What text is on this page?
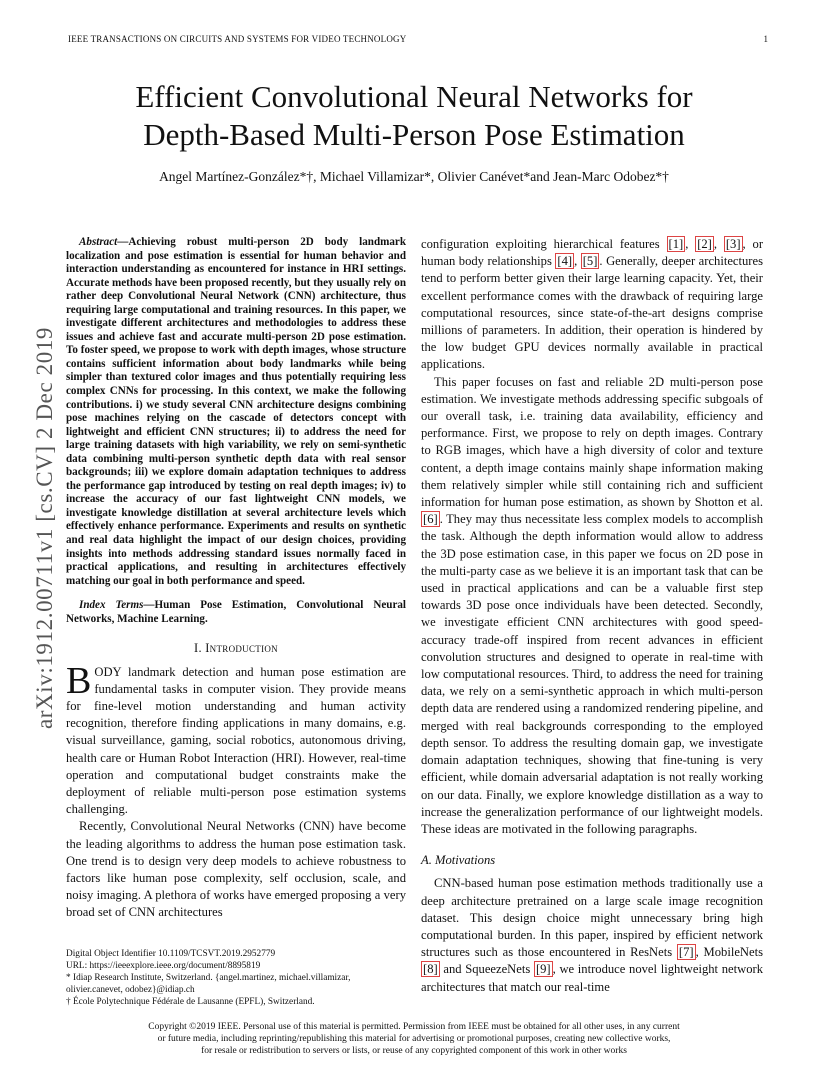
IEEE TRANSACTIONS ON CIRCUITS AND SYSTEMS FOR VIDEO TECHNOLOGY	1
arXiv:1912.00711v1 [cs.CV] 2 Dec 2019
Efficient Convolutional Neural Networks for
Depth-Based Multi-Person Pose Estimation
Angel Martínez-González*†, Michael Villamizar*, Olivier Canévet*and Jean-Marc Odobez*†

Abstract—Achieving robust multi-person 2D body landmark localization and pose estimation is essential for human behavior and interaction understanding as encountered for instance in HRI settings. Accurate methods have been proposed recently, but they usually rely on rather deep Convolutional Neural Network (CNN) architecture, thus requiring large computational and training resources. In this paper, we investigate different architectures and methodologies to address these issues and achieve fast and accurate multi-person 2D pose estimation. To foster speed, we propose to work with depth images, whose structure contains sufficient information about body landmarks while being simpler than textured color images and thus potentially requiring less complex CNNs for processing. In this context, we make the following contributions. i) we study several CNN architecture designs combining pose machines relying on the cascade of detectors concept with lightweight and efficient CNN structures; ii) to address the need for large training datasets with high variability, we rely on semi-synthetic data combining multi-person synthetic depth data with real sensor backgrounds; iii) we explore domain adaptation techniques to address the performance gap introduced by testing on real depth images; iv) to increase the accuracy of our fast lightweight CNN models, we investigate knowledge distillation at several architecture levels which effectively enhance performance. Experiments and results on synthetic and real data highlight the impact of our design choices, providing insights into methods addressing standard issues normally faced in practical applications, and resulting in architectures effectively matching our goal in both performance and speed.

Index Terms—Human Pose Estimation, Convolutional Neural Networks, Machine Learning.

I. Introduction

BODY landmark detection and human pose estimation are fundamental tasks in computer vision. They provide means for fine-level motion understanding and human activity recognition, therefore finding applications in many domains, e.g. visual surveillance, gaming, social robotics, autonomous driving, health care or Human Robot Interaction (HRI). However, real-time operation and computational budget constraints make the deployment of reliable multi-person pose estimation systems challenging.

Recently, Convolutional Neural Networks (CNN) have become the leading algorithms to address the human pose estimation task. One trend is to design very deep models to achieve robustness to factors like human pose complexity, self occlusion, scale, and noisy imaging. A plethora of works have emerged proposing a very broad set of CNN architectures

configuration exploiting hierarchical features [1] , [2] , [3] , or human body relationships [4] , [5] . Generally, deeper architectures tend to perform better given their large learning capacity. Yet, their excellent performance comes with the drawback of requiring large computational resources, since state-of-the-art designs comprise millions of parameters. In addition, their operation is hindered by the low budget GPU devices normally available in practical applications.

This paper focuses on fast and reliable 2D multi-person pose estimation. We investigate methods addressing specific subgoals of our overall task, i.e. training data availability, efficiency and performance. First, we propose to rely on depth images. Contrary to RGB images, which have a high diversity of color and texture content, a depth image contains mainly shape information making them relatively simpler while still containing rich and sufficient information for human pose estimation, as shown by Shotton et al. [6] . They may thus necessitate less complex models to accomplish the task. Although the depth information would allow to address the 3D pose estimation case, in this paper we focus on 2D pose in the multi-party case as we believe it is an important task that can be used in practical applications and can be a valuable first step towards 3D pose once individuals have been detected. Secondly, we investigate efficient CNN architectures with good speed-accuracy trade-off inspired from recent advances in efficient convolution structures and designed to operate in real-time with low computational resources. Third, to address the need for training data, we rely on a semi-synthetic approach in which multi-person depth data are rendered using a randomized rendering pipeline, and merged with real backgrounds corresponding to the employed depth sensor. To address the resulting domain gap, we investigate domain adaptation techniques, showing that fine-tuning is very efficient, while domain adversarial adaptation is not really working on our data. Finally, we explore knowledge distillation as a way to increase the generalization performance of our lightweight models. These ideas are motivated in the following paragraphs.

A. Motivations

CNN-based human pose estimation methods traditionally use a deep architecture pretrained on a large scale image recognition dataset. This design choice might unnecessary bring high computational burden. In this paper, inspired by efficient network structures such as those encountered in ResNets [7] , MobileNets [8] and SqueezeNets [9] , we introduce novel lightweight network architectures that match our real-time

Digital Object Identifier 10.1109/TCSVT.2019.2952779
URL: https://ieeexplore.ieee.org/document/8895819
* Idiap Research Institute, Switzerland. {angel.martinez, michael.villamizar, olivier.canevet, odobez}@idiap.ch
† École Polytechnique Fédérale de Lausanne (EPFL), Switzerland.
Copyright ©2019 IEEE. Personal use of this material is permitted. Permission from IEEE must be obtained for all other uses, in any current
or future media, including reprinting/republishing this material for advertising or promotional purposes, creating new collective works,
for resale or redistribution to servers or lists, or reuse of any copyrighted component of this work in other works
